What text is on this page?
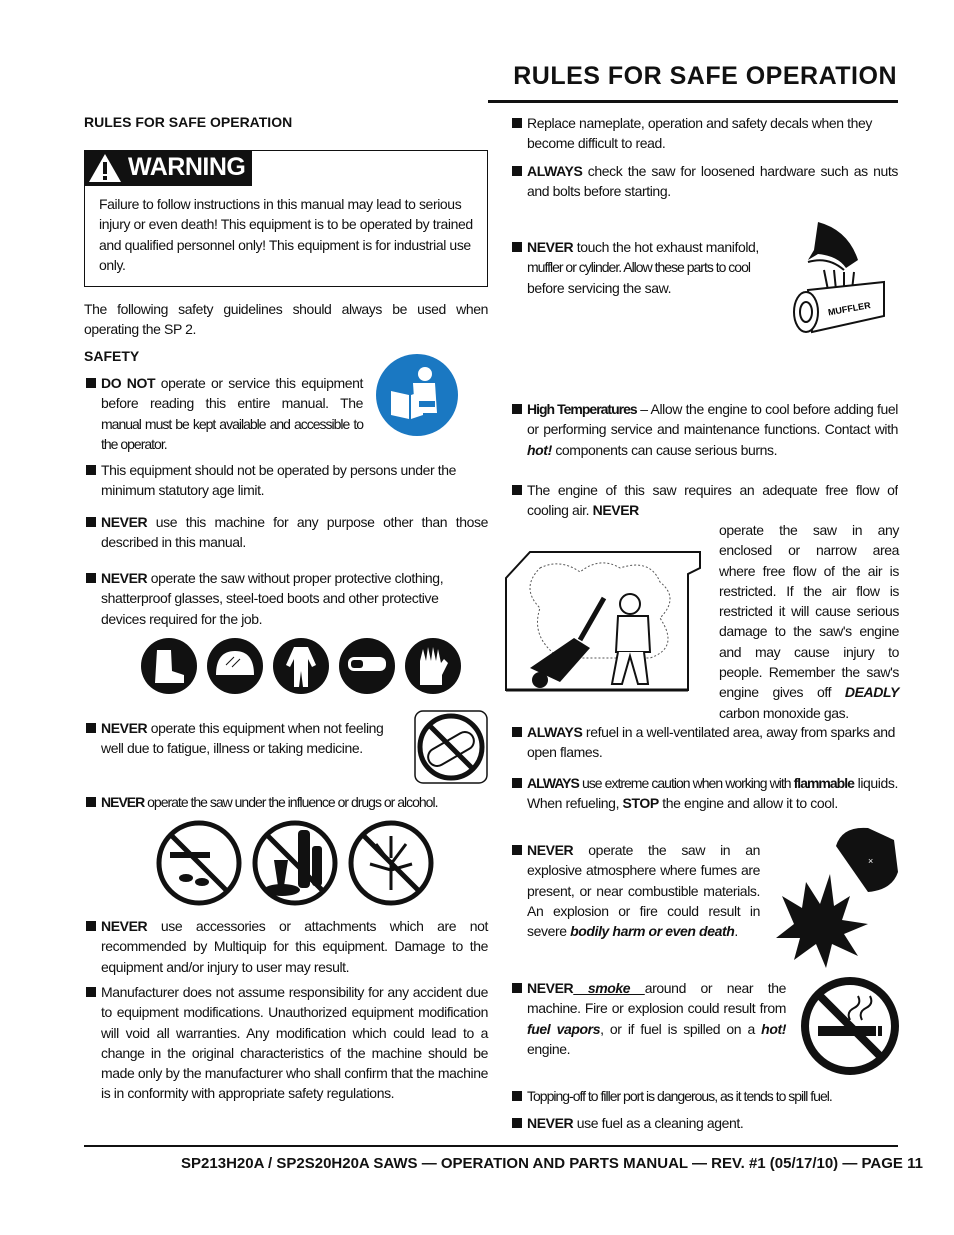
RULES FOR SAFE OPERATION
RULES FOR SAFE OPERATION
WARNING
Failure to follow instructions in this manual may lead to serious injury or even death! This equipment is to be operated by trained and qualified personnel only! This equipment is for industrial use only.
The following safety guidelines should always be used when operating the SP 2.
SAFETY
DO NOT operate or service this equipment before reading this entire manual. The manual must be kept available and accessible to the operator.
This equipment should not be operated by persons under the minimum statutory age limit.
NEVER use this machine for any purpose other than those described in this manual.
NEVER operate the saw without proper protective clothing, shatterproof glasses, steel-toed boots and other protective devices required for the job.
NEVER operate this equipment when not feeling well due to fatigue, illness or taking medicine.
NEVER operate the saw under the influence or drugs or alcohol.
NEVER use accessories or attachments which are not recommended by Multiquip for this equipment. Damage to the equipment and/or injury to user may result.
Manufacturer does not assume responsibility for any accident due to equipment modifications. Unauthorized equipment modification will void all warranties. Any modification which could lead to a change in the original characteristics of the machine should be made only by the manufacturer who shall confirm that the machine is in conformity with appropriate safety regulations.
Replace nameplate, operation and safety decals when they become difficult to read.
ALWAYS check the saw for loosened hardware such as nuts and bolts before starting.
NEVER touch the hot exhaust manifold, muffler or cylinder. Allow these parts to cool before servicing the saw.
MUFFLER
High Temperatures – Allow the engine to cool before adding fuel or performing service and maintenance functions. Contact with hot! components can cause serious burns.
The engine of this saw requires an adequate free flow of cooling air. NEVER
operate the saw in any enclosed or narrow area where free flow of the air is restricted. If the air flow is restricted it will cause serious damage to the saw's engine and may cause injury to people. Remember the saw's engine gives off DEADLY carbon monoxide gas.
ALWAYS refuel in a well-ventilated area, away from sparks and open flames.
ALWAYS use extreme caution when working with flammable liquids. When refueling, STOP the engine and allow it to cool.
NEVER operate the saw in an explosive atmosphere where fumes are present, or near combustible materials. An explosion or fire could result in severe bodily harm or even death.
×
NEVER smoke around or near the machine. Fire or explosion could result from fuel vapors, or if fuel is spilled on a hot! engine.
Topping-off to filler port is dangerous, as it tends to spill fuel.
NEVER use fuel as a cleaning agent.
SP213H20A / SP2S20H20A SAWS — OPERATION AND PARTS MANUAL — REV. #1 (05/17/10) — PAGE 11
